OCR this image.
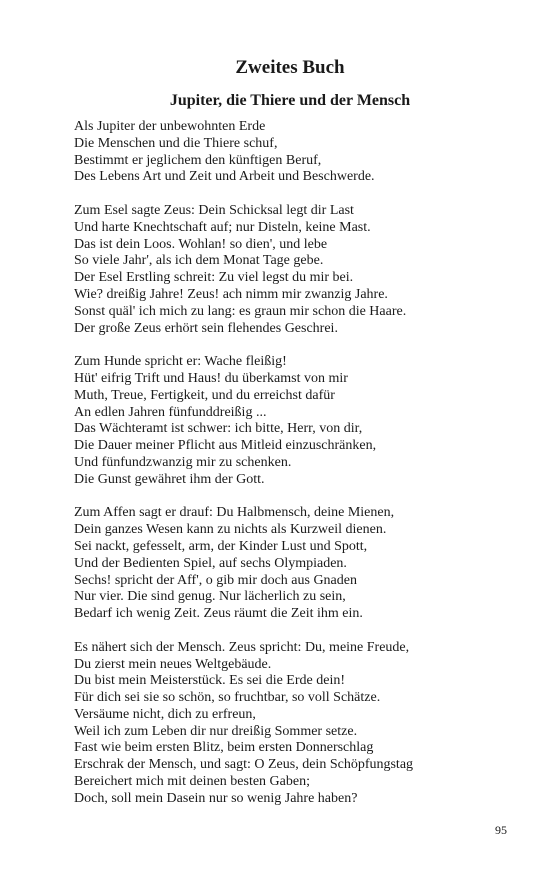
Zweites Buch
Jupiter, die Thiere und der Mensch
Als Jupiter der unbewohnten Erde
Die Menschen und die Thiere schuf,
Bestimmt er jeglichem den künftigen Beruf,
Des Lebens Art und Zeit und Arbeit und Beschwerde.
Zum Esel sagte Zeus: Dein Schicksal legt dir Last
Und harte Knechtschaft auf; nur Disteln, keine Mast.
Das ist dein Loos. Wohlan! so dien', und lebe
So viele Jahr', als ich dem Monat Tage gebe.
Der Esel Erstling schreit: Zu viel legst du mir bei.
Wie? dreißig Jahre! Zeus! ach nimm mir zwanzig Jahre.
Sonst quäl' ich mich zu lang: es graun mir schon die Haare.
Der große Zeus erhört sein flehendes Geschrei.
Zum Hunde spricht er: Wache fleißig!
Hüt' eifrig Trift und Haus! du überkamst von mir
Muth, Treue, Fertigkeit, und du erreichst dafür
An edlen Jahren fünfunddreißig ...
Das Wächteramt ist schwer: ich bitte, Herr, von dir,
Die Dauer meiner Pflicht aus Mitleid einzuschränken,
Und fünfundzwanzig mir zu schenken.
Die Gunst gewähret ihm der Gott.
Zum Affen sagt er drauf: Du Halbmensch, deine Mienen,
Dein ganzes Wesen kann zu nichts als Kurzweil dienen.
Sei nackt, gefesselt, arm, der Kinder Lust und Spott,
Und der Bedienten Spiel, auf sechs Olympiaden.
Sechs! spricht der Aff', o gib mir doch aus Gnaden
Nur vier. Die sind genug. Nur lächerlich zu sein,
Bedarf ich wenig Zeit. Zeus räumt die Zeit ihm ein.
Es nähert sich der Mensch. Zeus spricht: Du, meine Freude,
Du zierst mein neues Weltgebäude.
Du bist mein Meisterstück. Es sei die Erde dein!
Für dich sei sie so schön, so fruchtbar, so voll Schätze.
Versäume nicht, dich zu erfreun,
Weil ich zum Leben dir nur dreißig Sommer setze.
Fast wie beim ersten Blitz, beim ersten Donnerschlag
Erschrak der Mensch, und sagt: O Zeus, dein Schöpfungstag
Bereichert mich mit deinen besten Gaben;
Doch, soll mein Dasein nur so wenig Jahre haben?
95
